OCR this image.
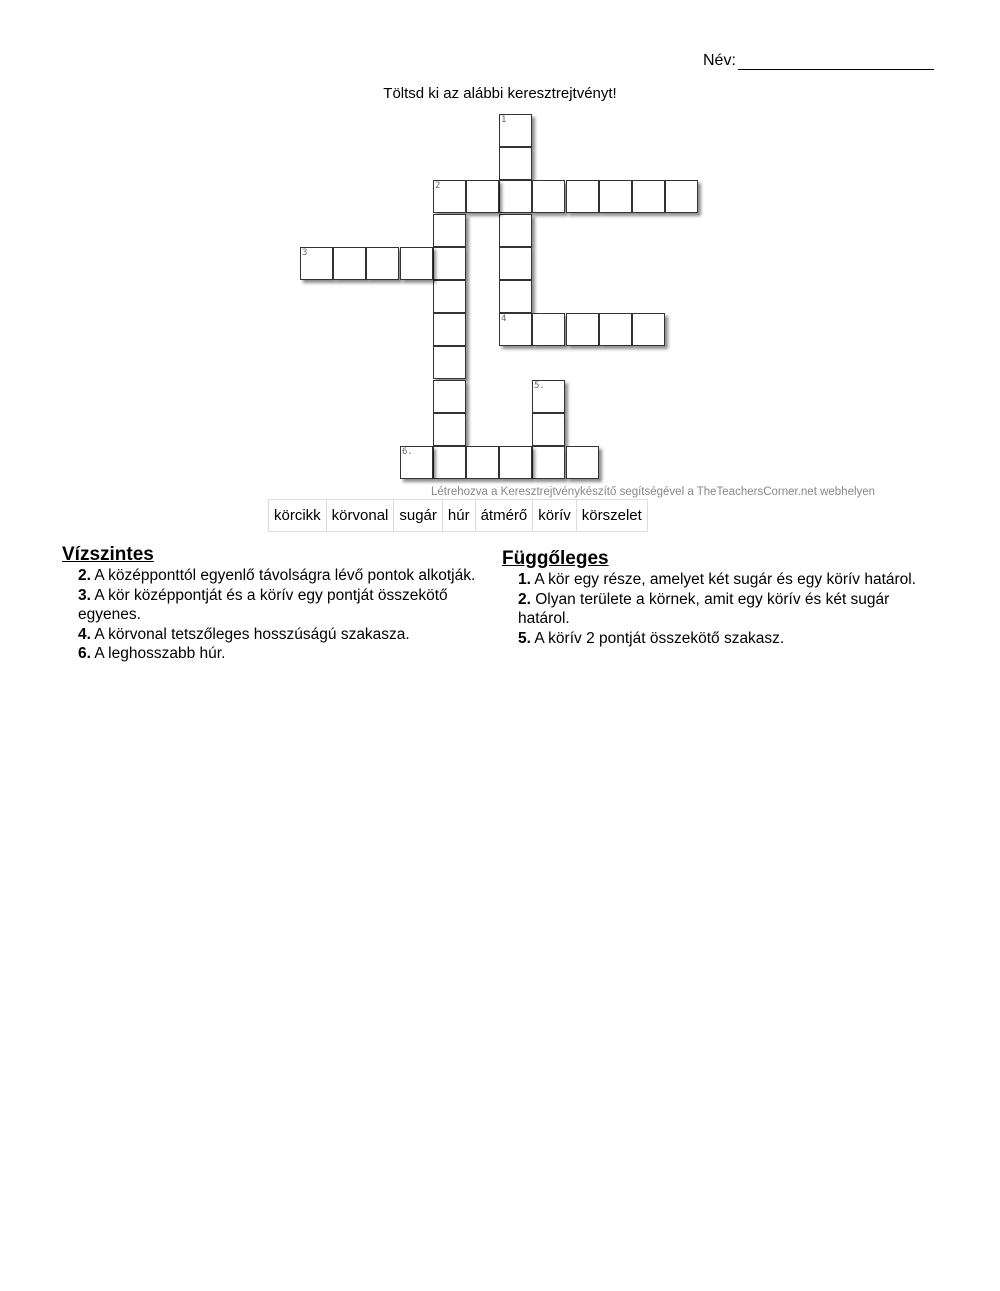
Név:
Töltsd ki az alábbi keresztrejtvényt!
1
2
3
4
5.
6.
Létrehozva a Keresztrejtvénykészítő segítségével a TheTeachersCorner.net webhelyen
körcikk körvonal sugár húr átmérő körív körszelet
Vízszintes
2. A középponttól egyenlő távolságra lévő pontok alkotják.
3. A kör középpontját és a körív egy pontját összekötő egyenes.
4. A körvonal tetszőleges hosszúságú szakasza.
6. A leghosszabb húr.
Függőleges
1. A kör egy része, amelyet két sugár és egy körív határol.
2. Olyan területe a körnek, amit egy körív és két sugár határol.
5. A körív 2 pontját összekötő szakasz.
